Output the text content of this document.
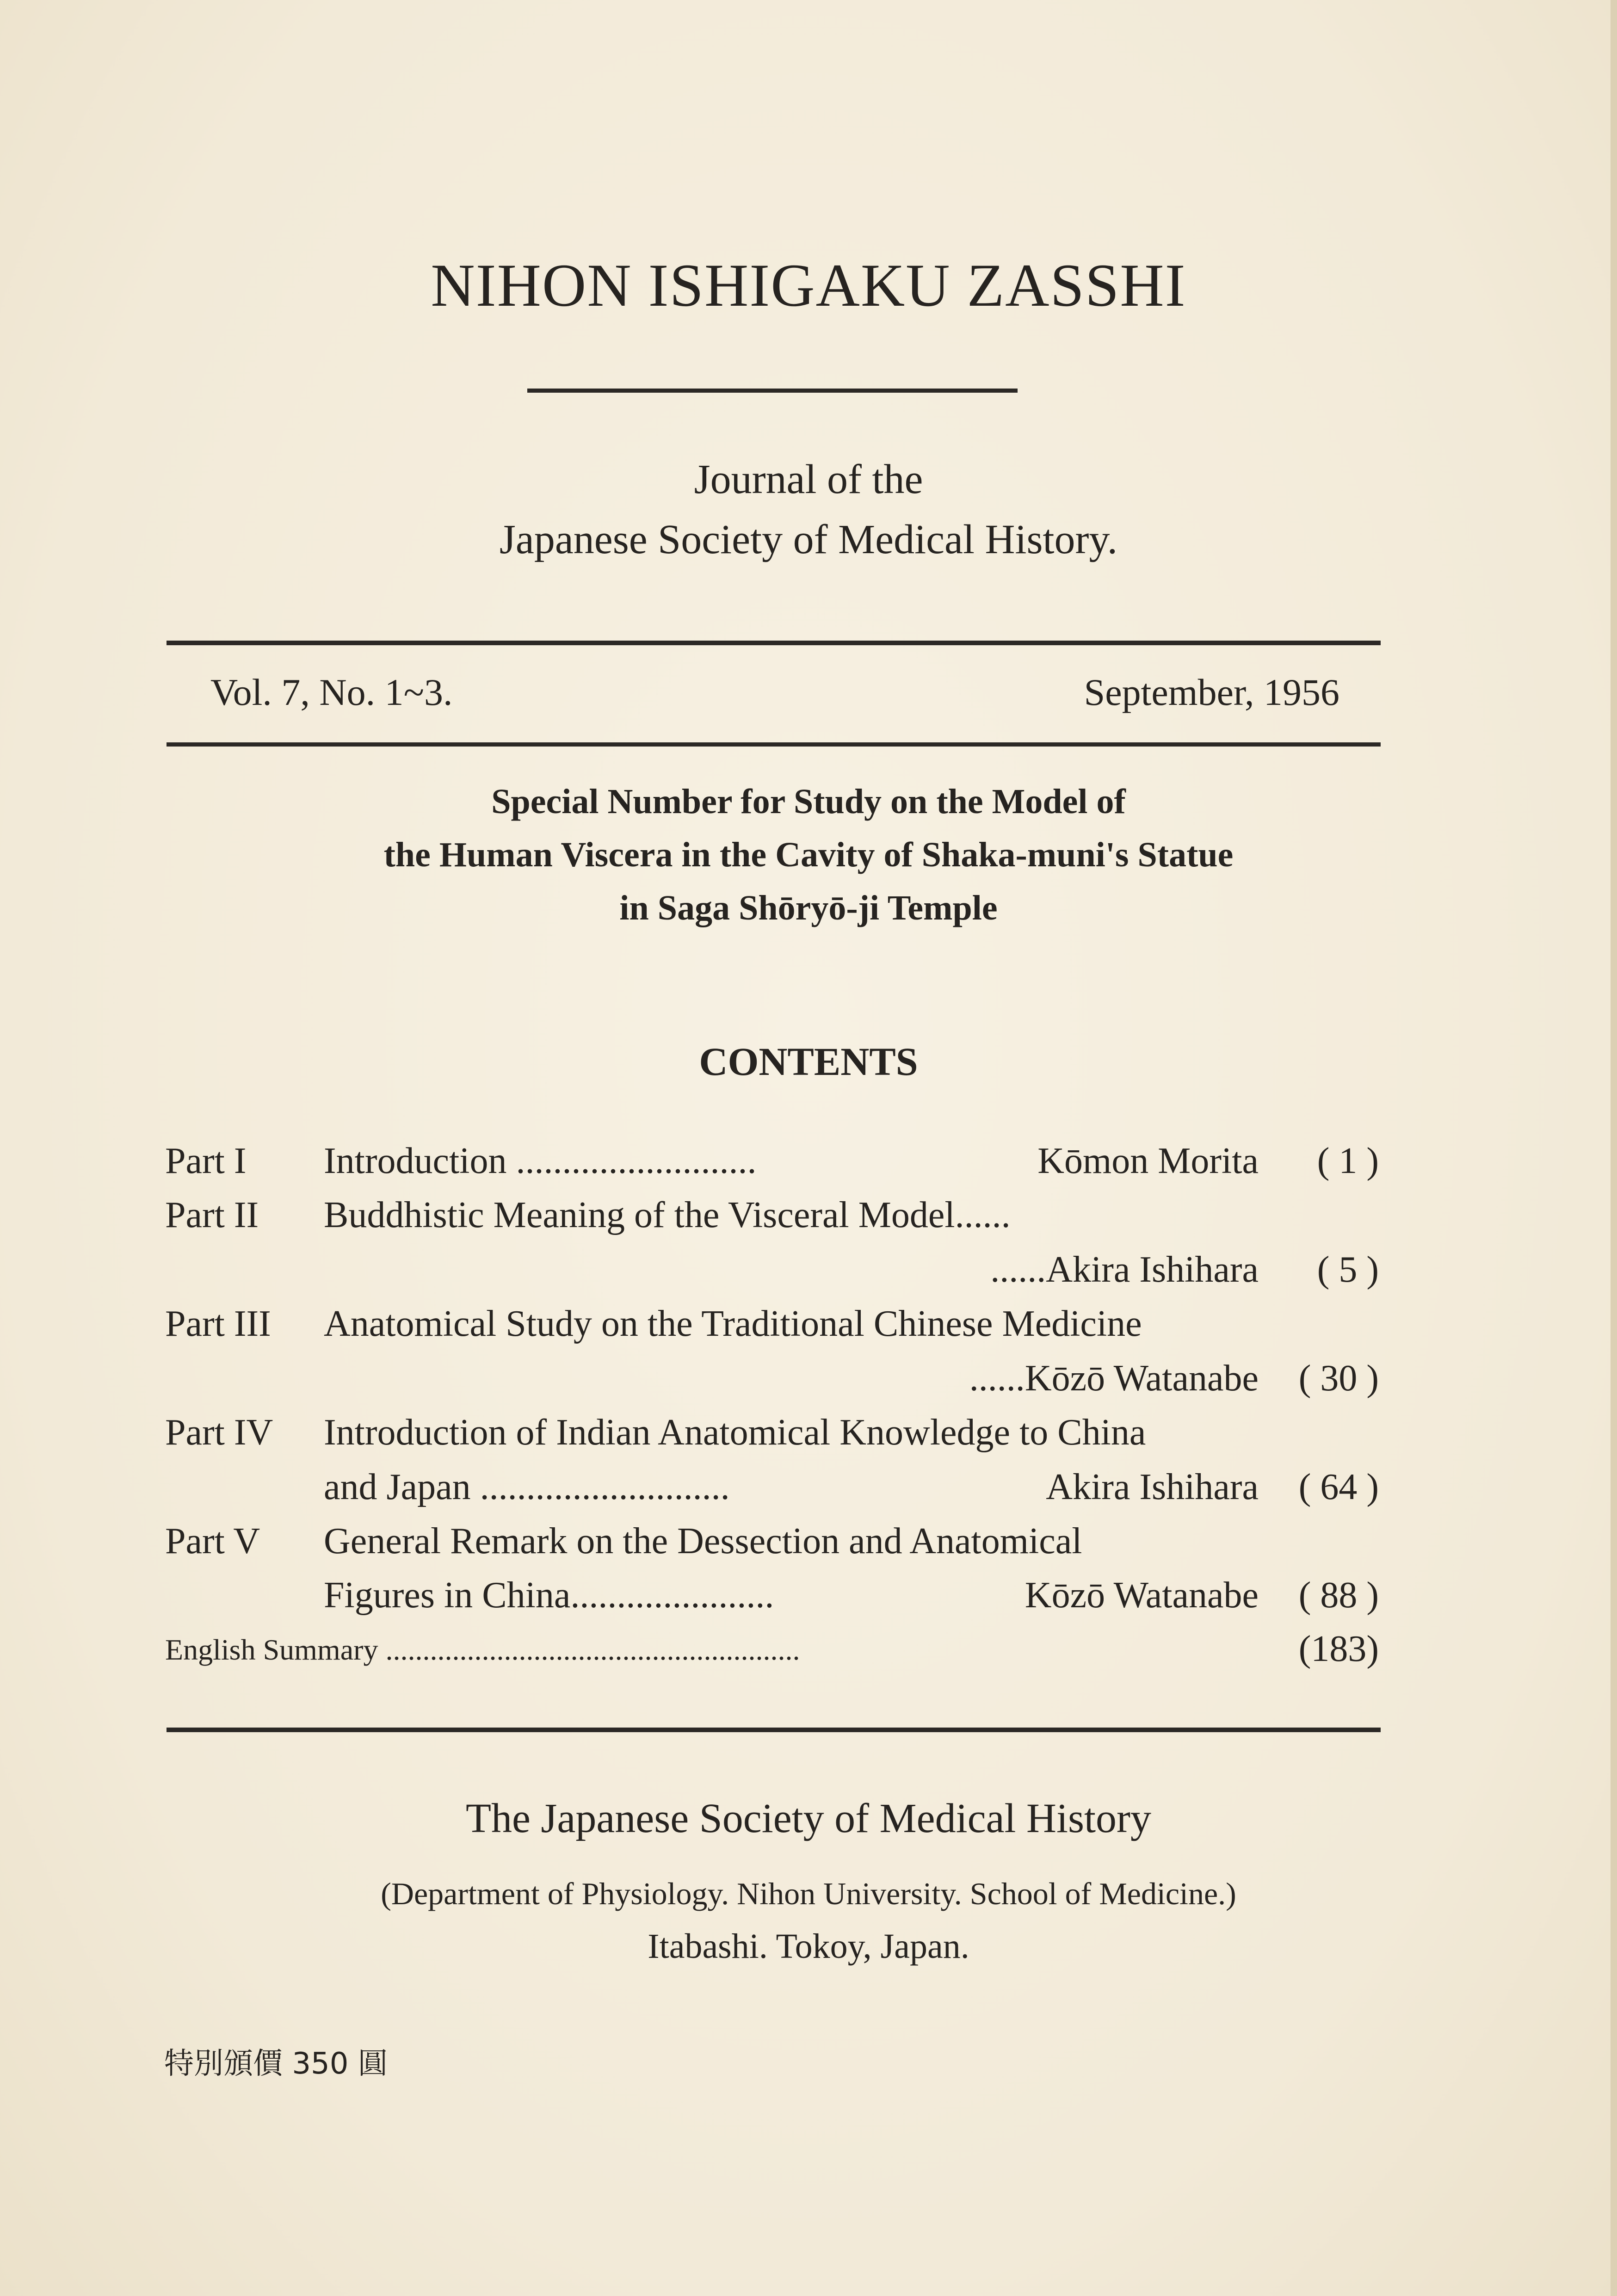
NIHON ISHIGAKU ZASSHI
Journal of the
Japanese Society of Medical History.
Vol. 7, No. 1~3.	September, 1956
Special Number for Study on the Model of
the Human Viscera in the Cavity of Shaka-muni's Statue
in Saga Shōryō-ji Temple
CONTENTS
Part I Introduction ..........................	Kōmon Morita ( 1 )
Part II Buddhistic Meaning of the Visceral Model......
......Akira Ishihara ( 5 )
Part III Anatomical Study on the Traditional Chinese Medicine
......Kōzō Watanabe ( 30 )
Part IV Introduction of Indian Anatomical Knowledge to China
and Japan ...........................	Akira Ishihara ( 64 )
Part V General Remark on the Dessection and Anatomical
Figures in China......................	Kōzō Watanabe ( 88 )
English Summary ........................................................	(183)
The Japanese Society of Medical History
(Department of Physiology. Nihon University. School of Medicine.)
Itabashi. Tokoy, Japan.
特別頒價 350 圓
